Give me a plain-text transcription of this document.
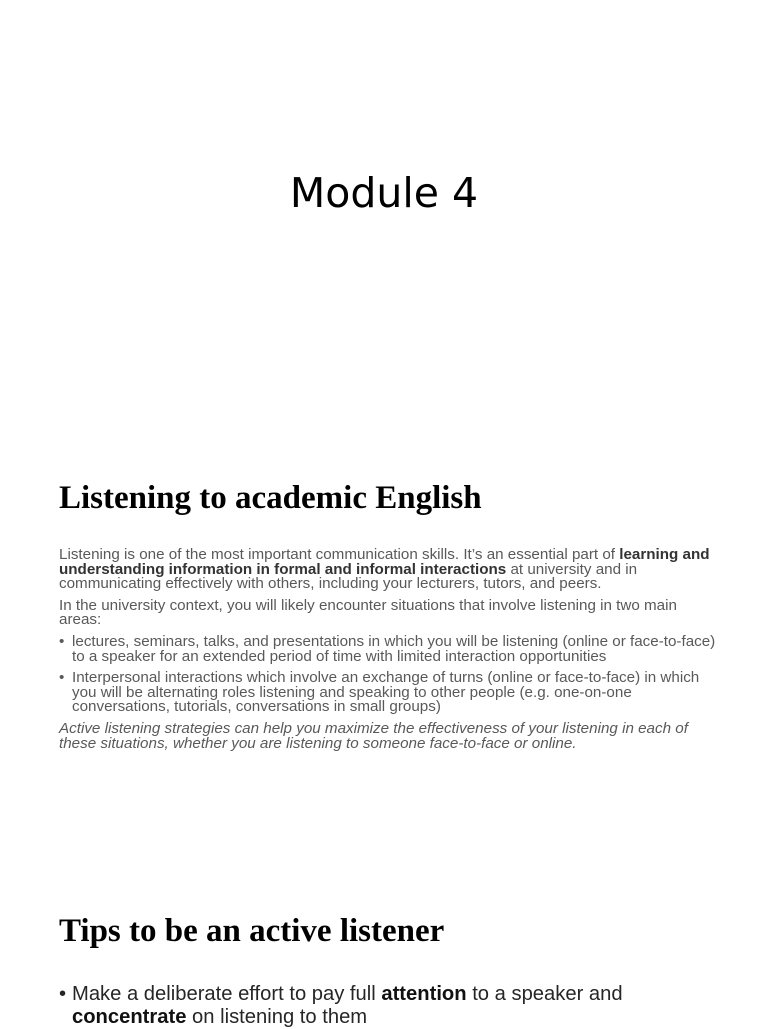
Module 4
Listening to academic English

Listening is one of the most important communication skills. It’s an essential part of learning and understanding information in formal and informal interactions at university and in communicating effectively with others, including your lecturers, tutors, and peers.

In the university context, you will likely encounter situations that involve listening in two main areas:

• lectures, seminars, talks, and presentations in which you will be listening (online or face-to-face) to a speaker for an extended period of time with limited interaction opportunities
• Interpersonal interactions which involve an exchange of turns (online or face-to-face) in which you will be alternating roles listening and speaking to other people (e.g. one-on-one conversations, tutorials, conversations in small groups)

Active listening strategies can help you maximize the effectiveness of your listening in each of these situations, whether you are listening to someone face-to-face or online.

Tips to be an active listener
• Make a deliberate effort to pay full attention to a speaker and concentrate on listening to them
